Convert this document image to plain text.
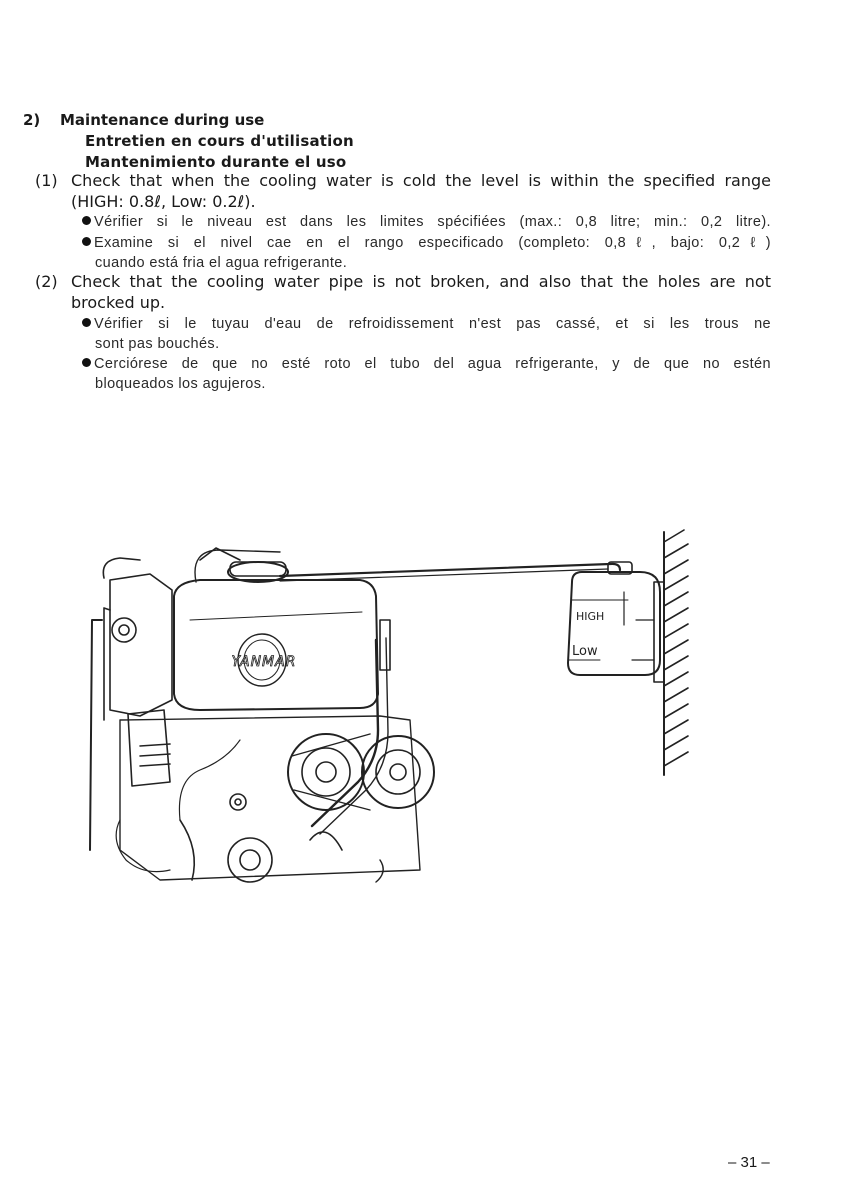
2) Maintenance during use
Entretien en cours d'utilisation
Mantenimiento durante el uso
(1) Check that when the cooling water is cold the level is within the specified range
(HIGH: 0.8ℓ, Low: 0.2ℓ).
Vérifier si le niveau est dans les limites spécifiées (max.: 0,8 litre; min.: 0,2 litre).
Examine si el nivel cae en el rango especificado (completo: 0,8ℓ, bajo: 0,2ℓ)
cuando está fria el agua refrigerante.
(2) Check that the cooling water pipe is not broken, and also that the holes are not
brocked up.
Vérifier si le tuyau d'eau de refroidissement n'est pas cassé, et si les trous ne
sont pas bouchés.
Cerciórese de que no esté roto el tubo del agua refrigerante, y de que no estén
bloqueados los agujeros.
HIGH
Low
YANMAR
– 31 –
